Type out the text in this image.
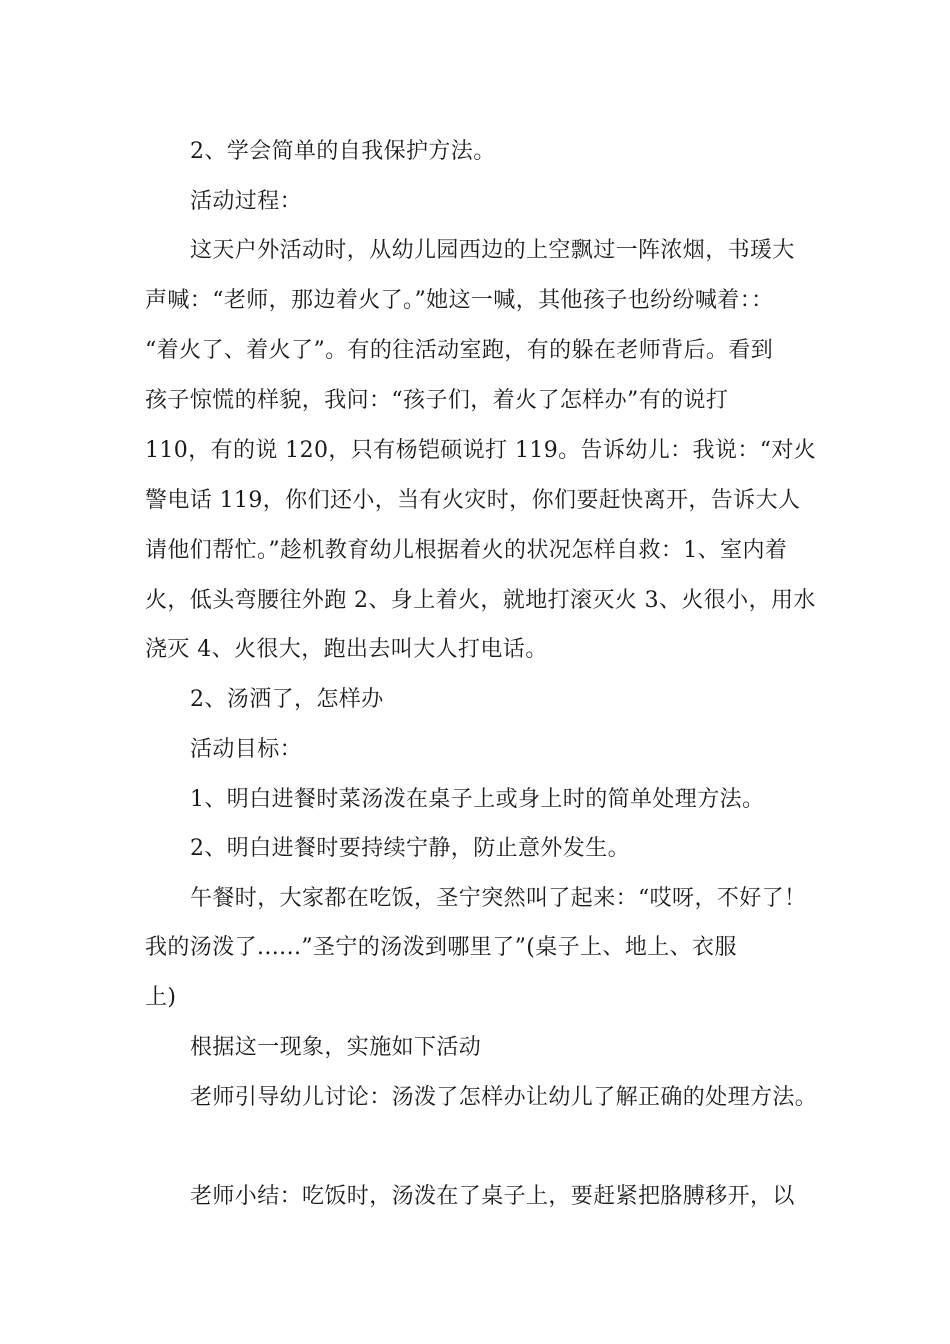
2、学会简单的自我保护方法。
活动过程：
这天户外活动时，从幼儿园西边的上空飘过一阵浓烟，书瑗大
声喊：“老师，那边着火了。”她这一喊，其他孩子也纷纷喊着：：
“着火了、着火了”。有的往活动室跑，有的躲在老师背后。看到
孩子惊慌的样貌，我问：“孩子们，着火了怎样办”有的说打
110，有的说 120，只有杨铠硕说打 119。告诉幼儿：我说：“对火
警电话 119，你们还小，当有火灾时，你们要赶快离开，告诉大人
请他们帮忙。”趁机教育幼儿根据着火的状况怎样自救：1、室内着
火，低头弯腰往外跑 2、身上着火，就地打滚灭火 3、火很小，用水
浇灭 4、火很大，跑出去叫大人打电话。
2、汤洒了，怎样办
活动目标：
1、明白进餐时菜汤泼在桌子上或身上时的简单处理方法。
2、明白进餐时要持续宁静，防止意外发生。
午餐时，大家都在吃饭，圣宁突然叫了起来：“哎呀，不好了！
我的汤泼了......”圣宁的汤泼到哪里了”(桌子上、地上、衣服
上)
根据这一现象，实施如下活动
老师引导幼儿讨论：汤泼了怎样办让幼儿了解正确的处理方法。
老师小结：吃饭时，汤泼在了桌子上，要赶紧把胳膊移开，以
